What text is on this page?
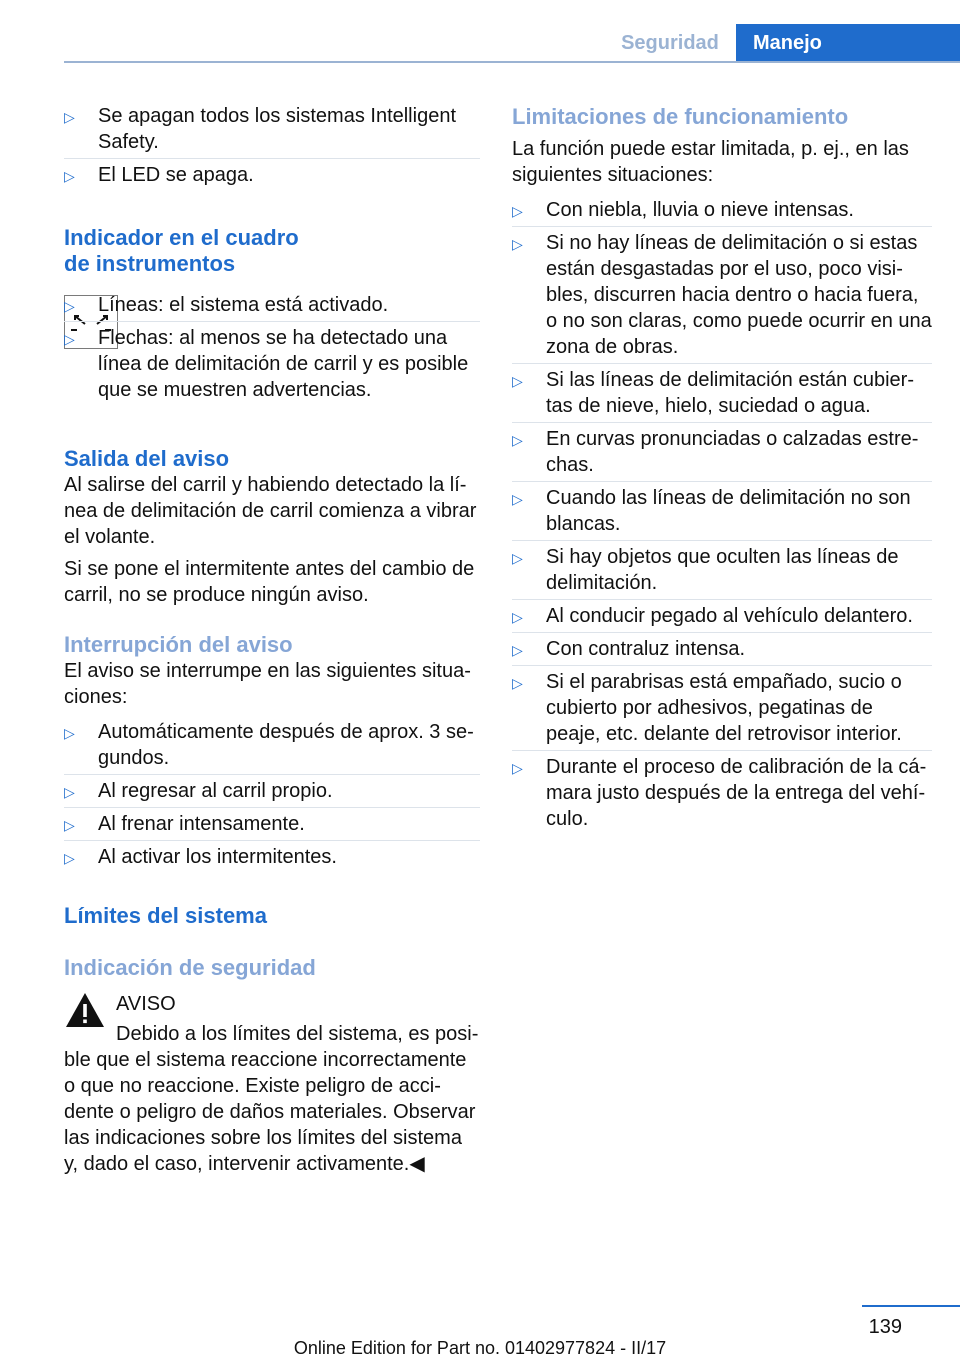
Seguridad	Manejo
▷ Se apagan todos los sistemas Intelligent Safety.
▷ El LED se apaga.
Indicador en el cuadro
de instrumentos
▷ Líneas: el sistema está activado.
▷ Flechas: al menos se ha detectado una línea de delimitación de carril y es posible que se muestren advertencias.
Salida del aviso

Al salirse del carril y habiendo detectado la línea de delimitación de carril comienza a vibrar el volante.

Si se pone el intermitente antes del cambio de carril, no se produce ningún aviso.

Interrupción del aviso

El aviso se interrumpe en las siguientes situaciones:

▷ Automáticamente después de aprox. 3 segundos.
▷ Al regresar al carril propio.
▷ Al frenar intensamente.
▷ Al activar los intermitentes.
Límites del sistema
Indicación de seguridad

AVISO

Debido a los límites del sistema, es posible que el sistema reaccione incorrectamente o que no reaccione. Existe peligro de accidente o peligro de daños materiales. Observar las indicaciones sobre los límites del sistema y, dado el caso, intervenir activamente.◀

Limitaciones de funcionamiento

La función puede estar limitada, p. ej., en las siguientes situaciones:

▷ Con niebla, lluvia o nieve intensas.
▷ Si no hay líneas de delimitación o si estas están desgastadas por el uso, poco visibles, discurren hacia dentro o hacia fuera, o no son claras, como puede ocurrir en una zona de obras.
▷ Si las líneas de delimitación están cubiertas de nieve, hielo, suciedad o agua.
▷ En curvas pronunciadas o calzadas estrechas.
▷ Cuando las líneas de delimitación no son blancas.
▷ Si hay objetos que oculten las líneas de delimitación.
▷ Al conducir pegado al vehículo delantero.
▷ Con contraluz intensa.
▷ Si el parabrisas está empañado, sucio o cubierto por adhesivos, pegatinas de peaje, etc. delante del retrovisor interior.
▷ Durante el proceso de calibración de la cámara justo después de la entrega del vehículo.
139
Online Edition for Part no. 01402977824 - II/17
